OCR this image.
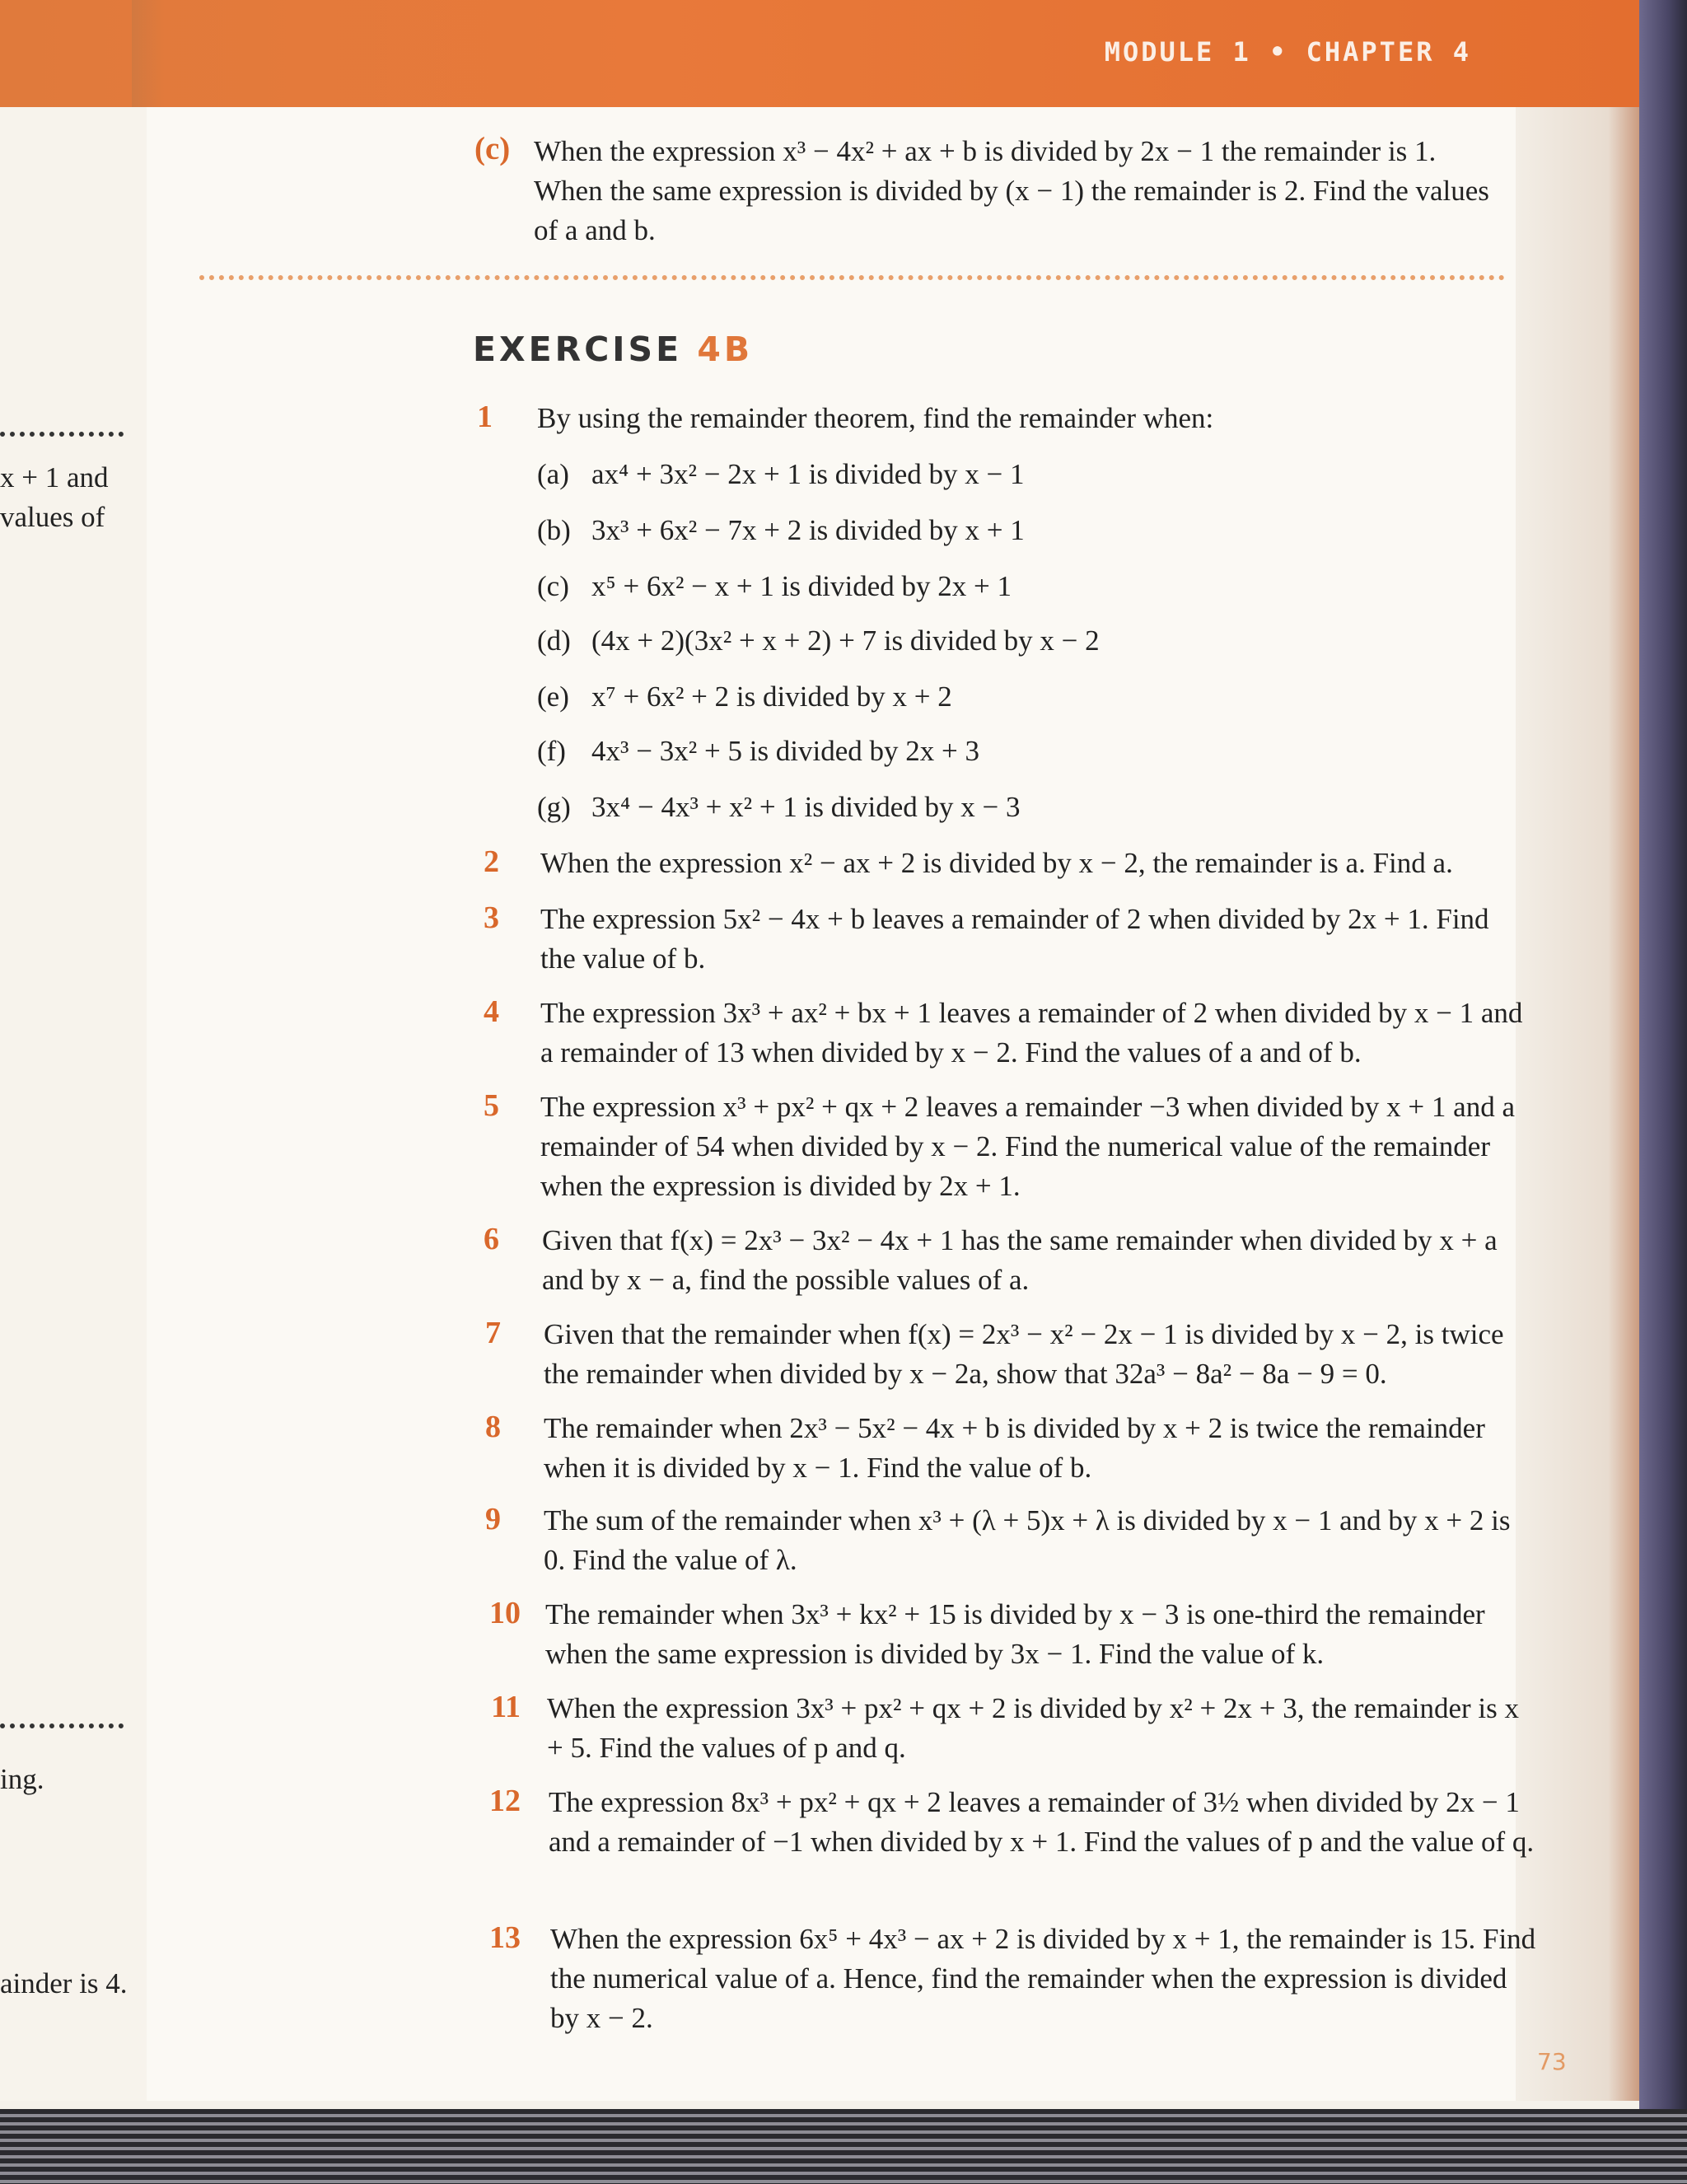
MODULE 1 • CHAPTER 4
x + 1 and
values of
ing.
ainder is 4.
(c) When the expression x³ − 4x² + ax + b is divided by 2x − 1 the remainder is 1. When the same expression is divided by (x − 1) the remainder is 2. Find the values of a and b.
EXERCISE 4B
1 By using the remainder theorem, find the remainder when:
(a) ax⁴ + 3x² − 2x + 1 is divided by x − 1
(b) 3x³ + 6x² − 7x + 2 is divided by x + 1
(c) x⁵ + 6x² − x + 1 is divided by 2x + 1
(d) (4x + 2)(3x² + x + 2) + 7 is divided by x − 2
(e) x⁷ + 6x² + 2 is divided by x + 2
(f) 4x³ − 3x² + 5 is divided by 2x + 3
(g) 3x⁴ − 4x³ + x² + 1 is divided by x − 3
2 When the expression x² − ax + 2 is divided by x − 2, the remainder is a. Find a.
3 The expression 5x² − 4x + b leaves a remainder of 2 when divided by 2x + 1. Find the value of b.
4 The expression 3x³ + ax² + bx + 1 leaves a remainder of 2 when divided by x − 1 and a remainder of 13 when divided by x − 2. Find the values of a and of b.
5 The expression x³ + px² + qx + 2 leaves a remainder −3 when divided by x + 1 and a remainder of 54 when divided by x − 2. Find the numerical value of the remainder when the expression is divided by 2x + 1.
6 Given that f(x) = 2x³ − 3x² − 4x + 1 has the same remainder when divided by x + a and by x − a, find the possible values of a.
7 Given that the remainder when f(x) = 2x³ − x² − 2x − 1 is divided by x − 2, is twice the remainder when divided by x − 2a, show that 32a³ − 8a² − 8a − 9 = 0.
8 The remainder when 2x³ − 5x² − 4x + b is divided by x + 2 is twice the remainder when it is divided by x − 1. Find the value of b.
9 The sum of the remainder when x³ + (λ + 5)x + λ is divided by x − 1 and by x + 2 is 0. Find the value of λ.
10 The remainder when 3x³ + kx² + 15 is divided by x − 3 is one-third the remainder when the same expression is divided by 3x − 1. Find the value of k.
11 When the expression 3x³ + px² + qx + 2 is divided by x² + 2x + 3, the remainder is x + 5. Find the values of p and q.
12 The expression 8x³ + px² + qx + 2 leaves a remainder of 3½ when divided by 2x − 1 and a remainder of −1 when divided by x + 1. Find the values of p and the value of q.
13 When the expression 6x⁵ + 4x³ − ax + 2 is divided by x + 1, the remainder is 15. Find the numerical value of a. Hence, find the remainder when the expression is divided by x − 2.
73
